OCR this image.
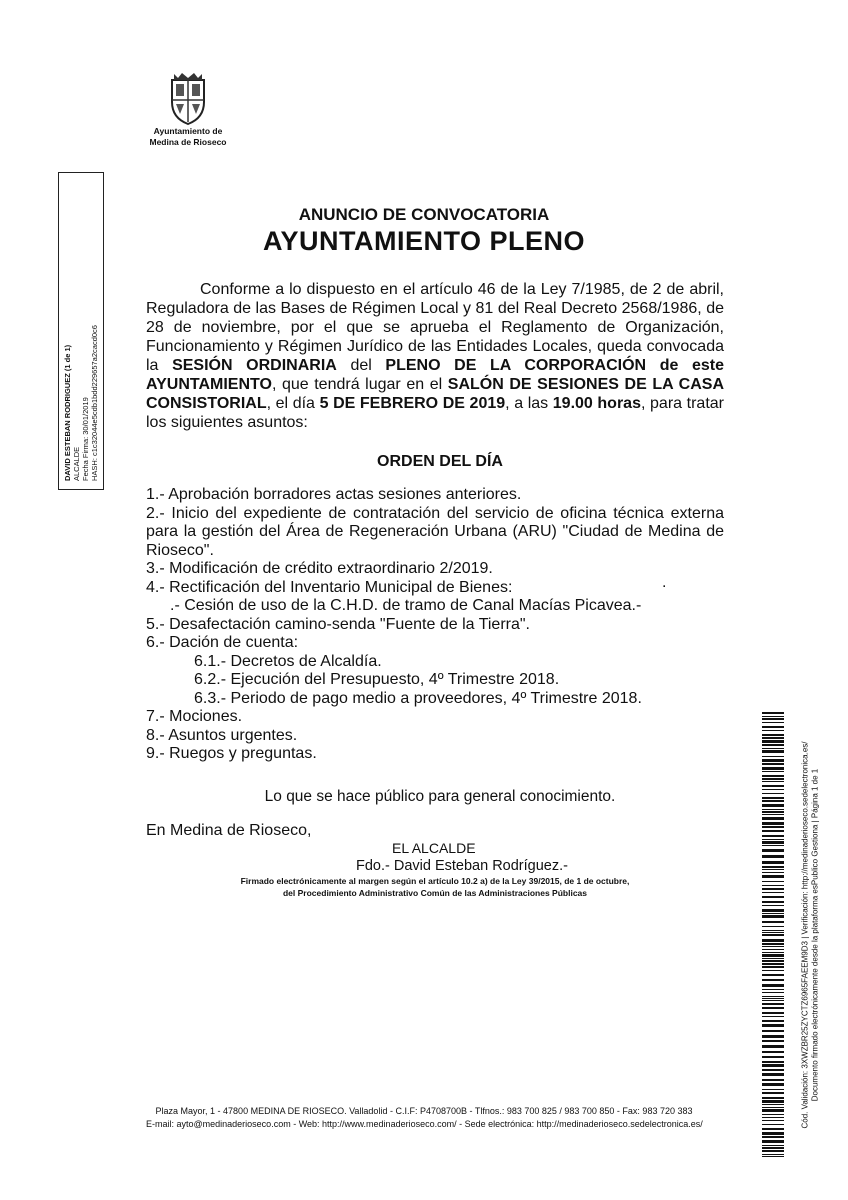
Ayuntamiento de
Medina de Rioseco
DAVID ESTEBAN RODRIGUEZ (1 de 1) ALCALDE Fecha Firma: 30/01/2019 HASH: c1c32044e5cdb1bdd229657a2cacd0c6
ANUNCIO DE CONVOCATORIA
AYUNTAMIENTO PLENO
Conforme a lo dispuesto en el artículo 46 de la Ley 7/1985, de 2 de abril, Reguladora de las Bases de Régimen Local y 81 del Real Decreto 2568/1986, de 28 de noviembre, por el que se aprueba el Reglamento de Organización, Funcionamiento y Régimen Jurídico de las Entidades Locales, queda convocada la SESIÓN ORDINARIA del PLENO DE LA CORPORACIÓN de este AYUNTAMIENTO, que tendrá lugar en el SALÓN DE SESIONES DE LA CASA CONSISTORIAL, el día 5 DE FEBRERO DE 2019, a las 19.00 horas, para tratar los siguientes asuntos:
ORDEN DEL DÍA
1.- Aprobación borradores actas sesiones anteriores.
2.- Inicio del expediente de contratación del servicio de oficina técnica externa para la gestión del Área de Regeneración Urbana (ARU) "Ciudad de Medina de Rioseco".
3.- Modificación de crédito extraordinario 2/2019.
4.- Rectificación del Inventario Municipal de Bienes:
.- Cesión de uso de la C.H.D. de tramo de Canal Macías Picavea.-
5.- Desafectación camino-senda "Fuente de la Tierra".
6.- Dación de cuenta:
6.1.- Decretos de Alcaldía.
6.2.- Ejecución del Presupuesto, 4º Trimestre 2018.
6.3.- Periodo de pago medio a proveedores, 4º Trimestre 2018.
7.- Mociones.
8.- Asuntos urgentes.
9.- Ruegos y preguntas.
.
Lo que se hace público para general conocimiento.
En Medina de Rioseco,
EL ALCALDE
Fdo.- David Esteban Rodríguez.-
Firmado electrónicamente al margen según el artículo 10.2 a) de la Ley 39/2015, de 1 de octubre,
del Procedimiento Administrativo Común de las Administraciones Públicas	Cód. Validación: 3XWZBR25ZYCTZ6965FAEEM9D3 | Verificación: http://medinaderioseco.sedelectronica.es/ Documento firmado electrónicamente desde la plataforma esPublico Gestiona | Página 1 de 1
Plaza Mayor, 1 - 47800 MEDINA DE RIOSECO. Valladolid - C.I.F: P4708700B - Tlfnos.: 983 700 825 / 983 700 850 - Fax: 983 720 383
E-mail: ayto@medinaderioseco.com - Web: http://www.medinaderioseco.com/ - Sede electrónica: http://medinaderioseco.sedelectronica.es/
